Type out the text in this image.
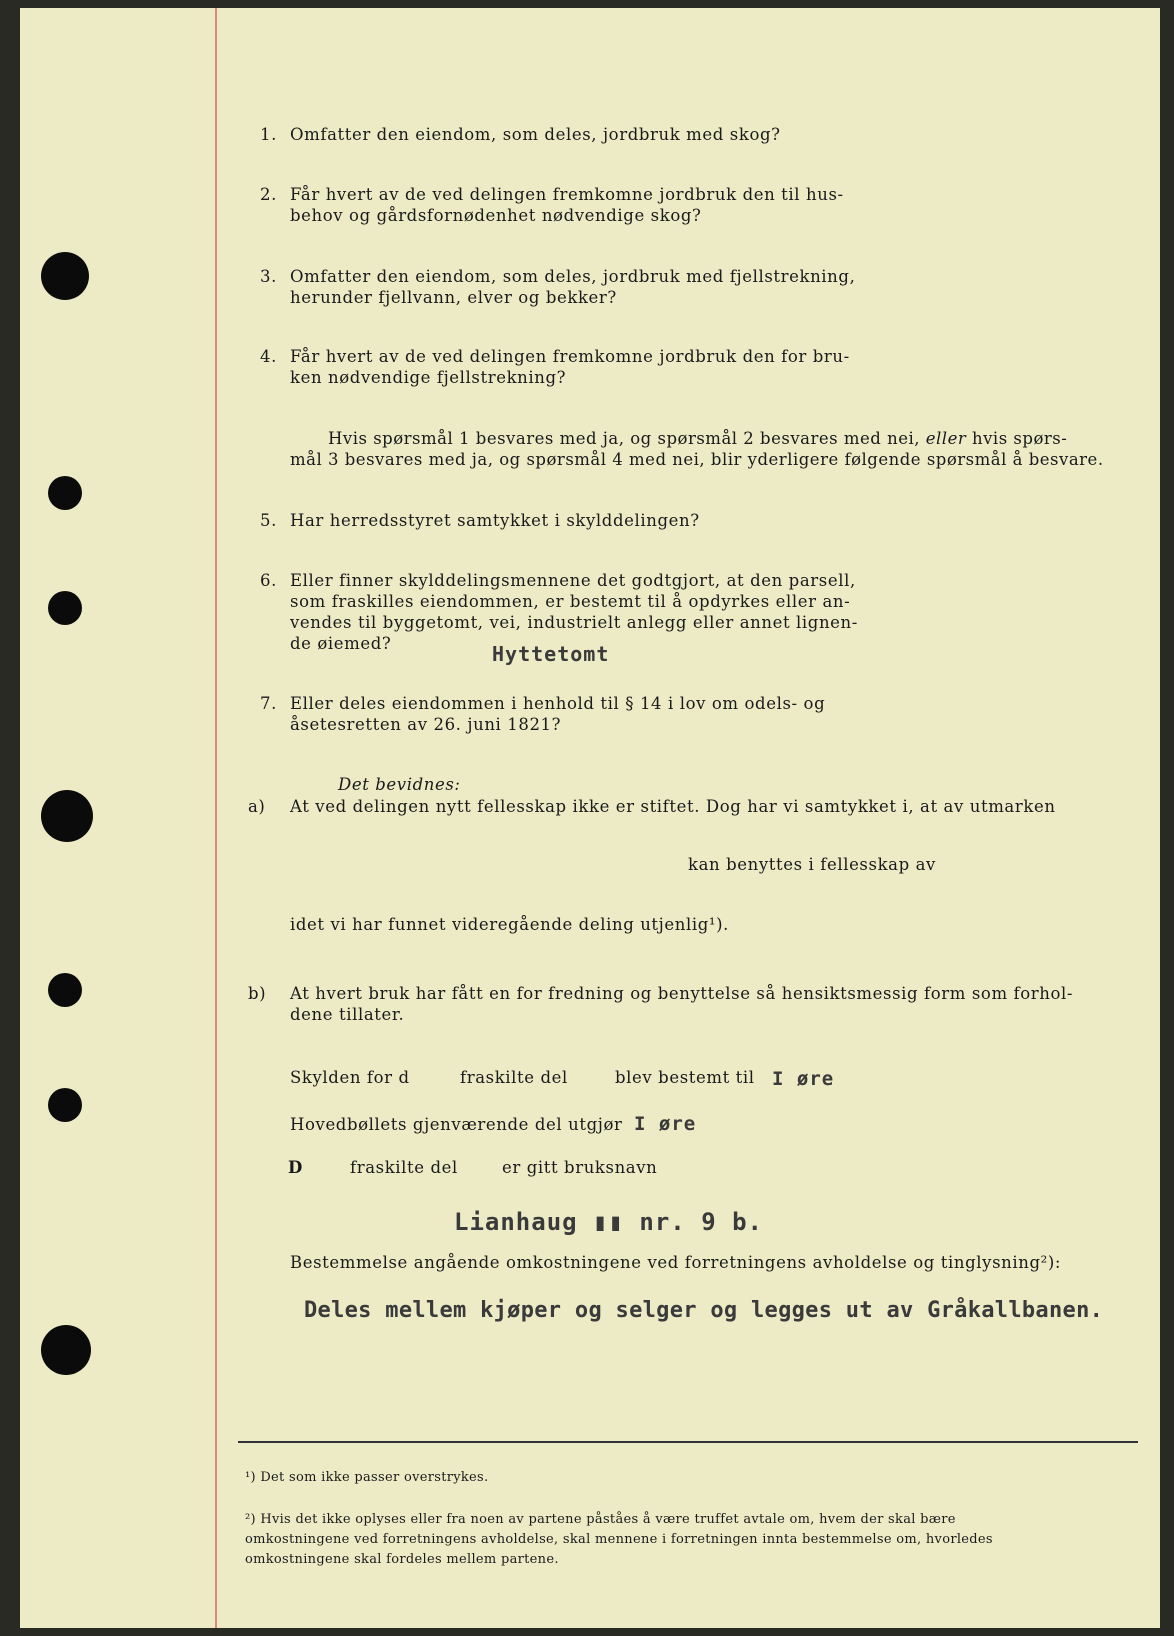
1. Omfatter den eiendom, som deles, jordbruk med skog?
2. Får hvert av de ved delingen fremkomne jordbruk den til hus-
behov og gårdsfornødenhet nødvendige skog?
3. Omfatter den eiendom, som deles, jordbruk med fjellstrekning,
herunder fjellvann, elver og bekker?
4. Får hvert av de ved delingen fremkomne jordbruk den for bru-
ken nødvendige fjellstrekning?
Hvis spørsmål 1 besvares med ja, og spørsmål 2 besvares med nei, eller hvis spørs-
mål 3 besvares med ja, og spørsmål 4 med nei, blir yderligere følgende spørsmål å besvare.
5. Har herredsstyret samtykket i skylddelingen?
6. Eller finner skylddelingsmennene det godtgjort, at den parsell,
som fraskilles eiendommen, er bestemt til å opdyrkes eller an-
vendes til byggetomt, vei, industrielt anlegg eller annet lignen-
de øiemed?	Hyttetomt
7. Eller deles eiendommen i henhold til § 14 i lov om odels- og
åsetesretten av 26. juni 1821?
Det bevidnes:
a) At ved delingen nytt fellesskap ikke er stiftet. Dog har vi samtykket i, at av utmarken
kan benyttes i fellesskap av
idet vi har funnet videregående deling utjenlig¹).
b) At hvert bruk har fått en for fredning og benyttelse så hensiktsmessig form som forhol-
dene tillater.
Skylden for d	fraskilte del	blev bestemt til I øre
Hovedbøllets gjenværende del utgjør I øre
D	fraskilte del	er gitt bruksnavn
Lianhaug ▮▮ nr. 9 b.
Bestemmelse angående omkostningene ved forretningens avholdelse og tinglysning²):
Deles mellem kjøper og selger og legges ut av Gråkallbanen.
¹) Det som ikke passer overstrykes.
²) Hvis det ikke oplyses eller fra noen av partene påståes å være truffet avtale om, hvem der skal bære
omkostningene ved forretningens avholdelse, skal mennene i forretningen innta bestemmelse om, hvorledes
omkostningene skal fordeles mellem partene.
